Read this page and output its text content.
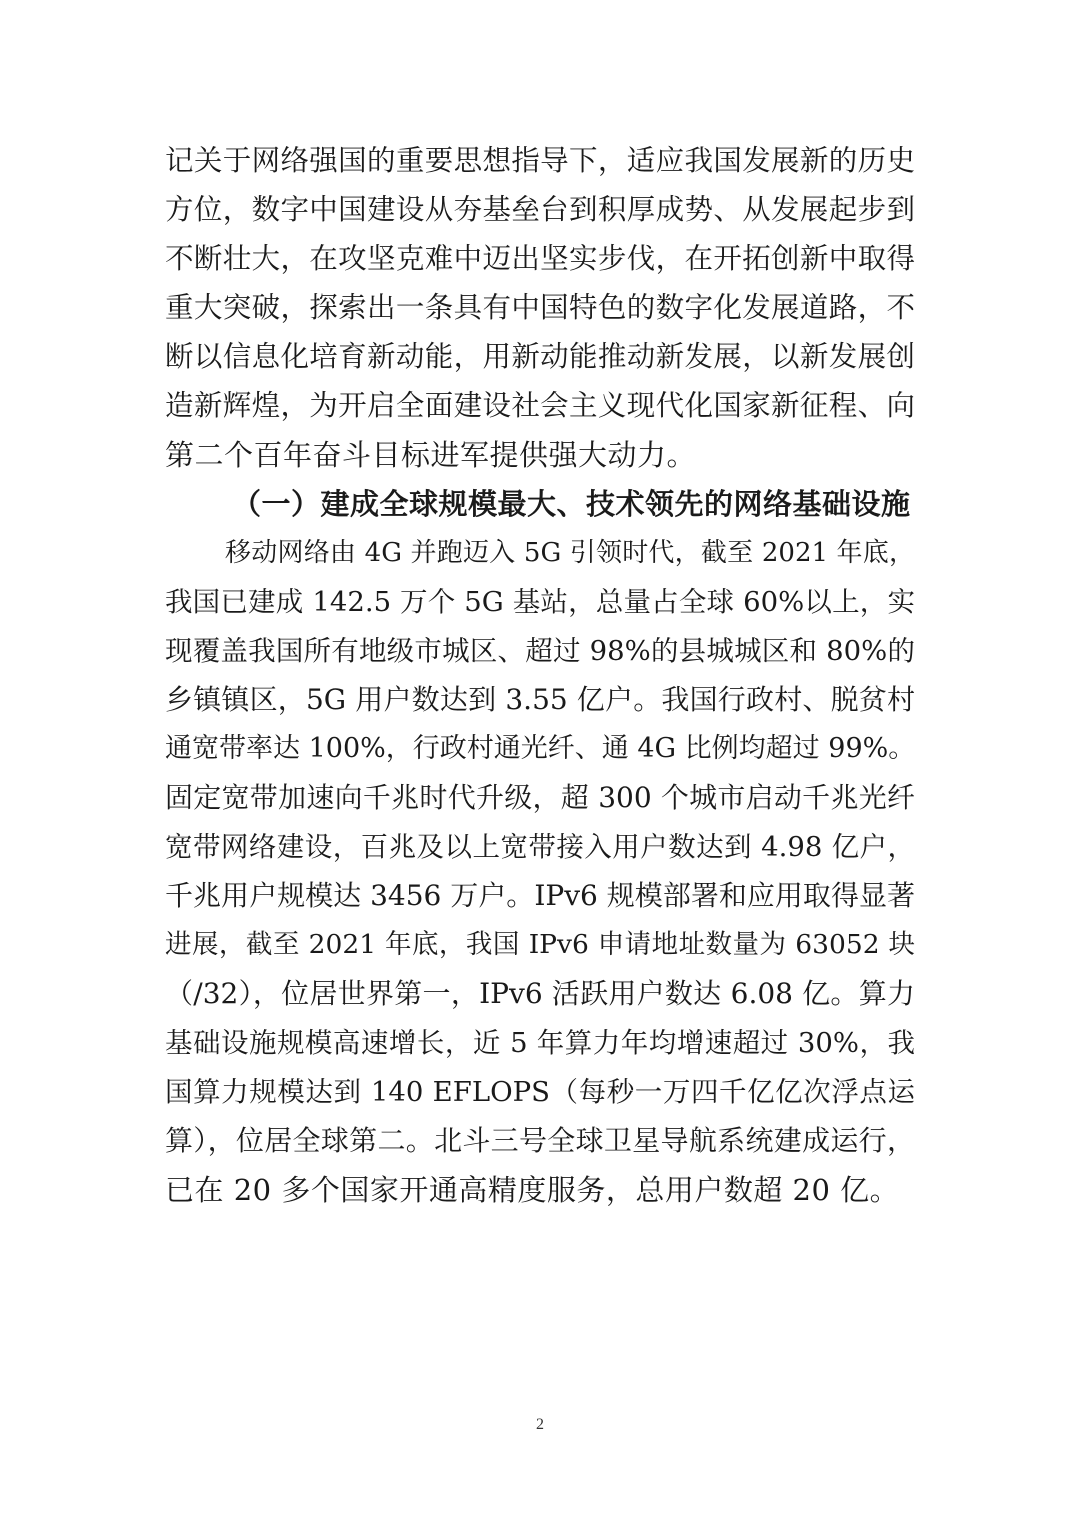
记关于网络强国的重要思想指导下，适应我国发展新的历史
方位，数字中国建设从夯基垒台到积厚成势、从发展起步到
不断壮大，在攻坚克难中迈出坚实步伐，在开拓创新中取得
重大突破，探索出一条具有中国特色的数字化发展道路，不
断以信息化培育新动能，用新动能推动新发展，以新发展创
造新辉煌，为开启全面建设社会主义现代化国家新征程、向
第二个百年奋斗目标进军提供强大动力。
（一）建成全球规模最大、技术领先的网络基础设施
移动网络由 4G 并跑迈入 5G 引领时代，截至 2021 年底，
我国已建成 142.5 万个 5G 基站，总量占全球 60%以上，实
现覆盖我国所有地级市城区、超过 98%的县城城区和 80%的
乡镇镇区，5G 用户数达到 3.55 亿户。我国行政村、脱贫村
通宽带率达 100%，行政村通光纤、通 4G 比例均超过 99%。
固定宽带加速向千兆时代升级，超 300 个城市启动千兆光纤
宽带网络建设，百兆及以上宽带接入用户数达到 4.98 亿户，
千兆用户规模达 3456 万户。IPv6 规模部署和应用取得显著
进展，截至 2021 年底，我国 IPv6 申请地址数量为 63052 块
（/32），位居世界第一，IPv6 活跃用户数达 6.08 亿。算力
基础设施规模高速增长，近 5 年算力年均增速超过 30%，我
国算力规模达到 140 EFLOPS（每秒一万四千亿亿次浮点运
算），位居全球第二。北斗三号全球卫星导航系统建成运行，
已在 20 多个国家开通高精度服务，总用户数超 20 亿。
2
